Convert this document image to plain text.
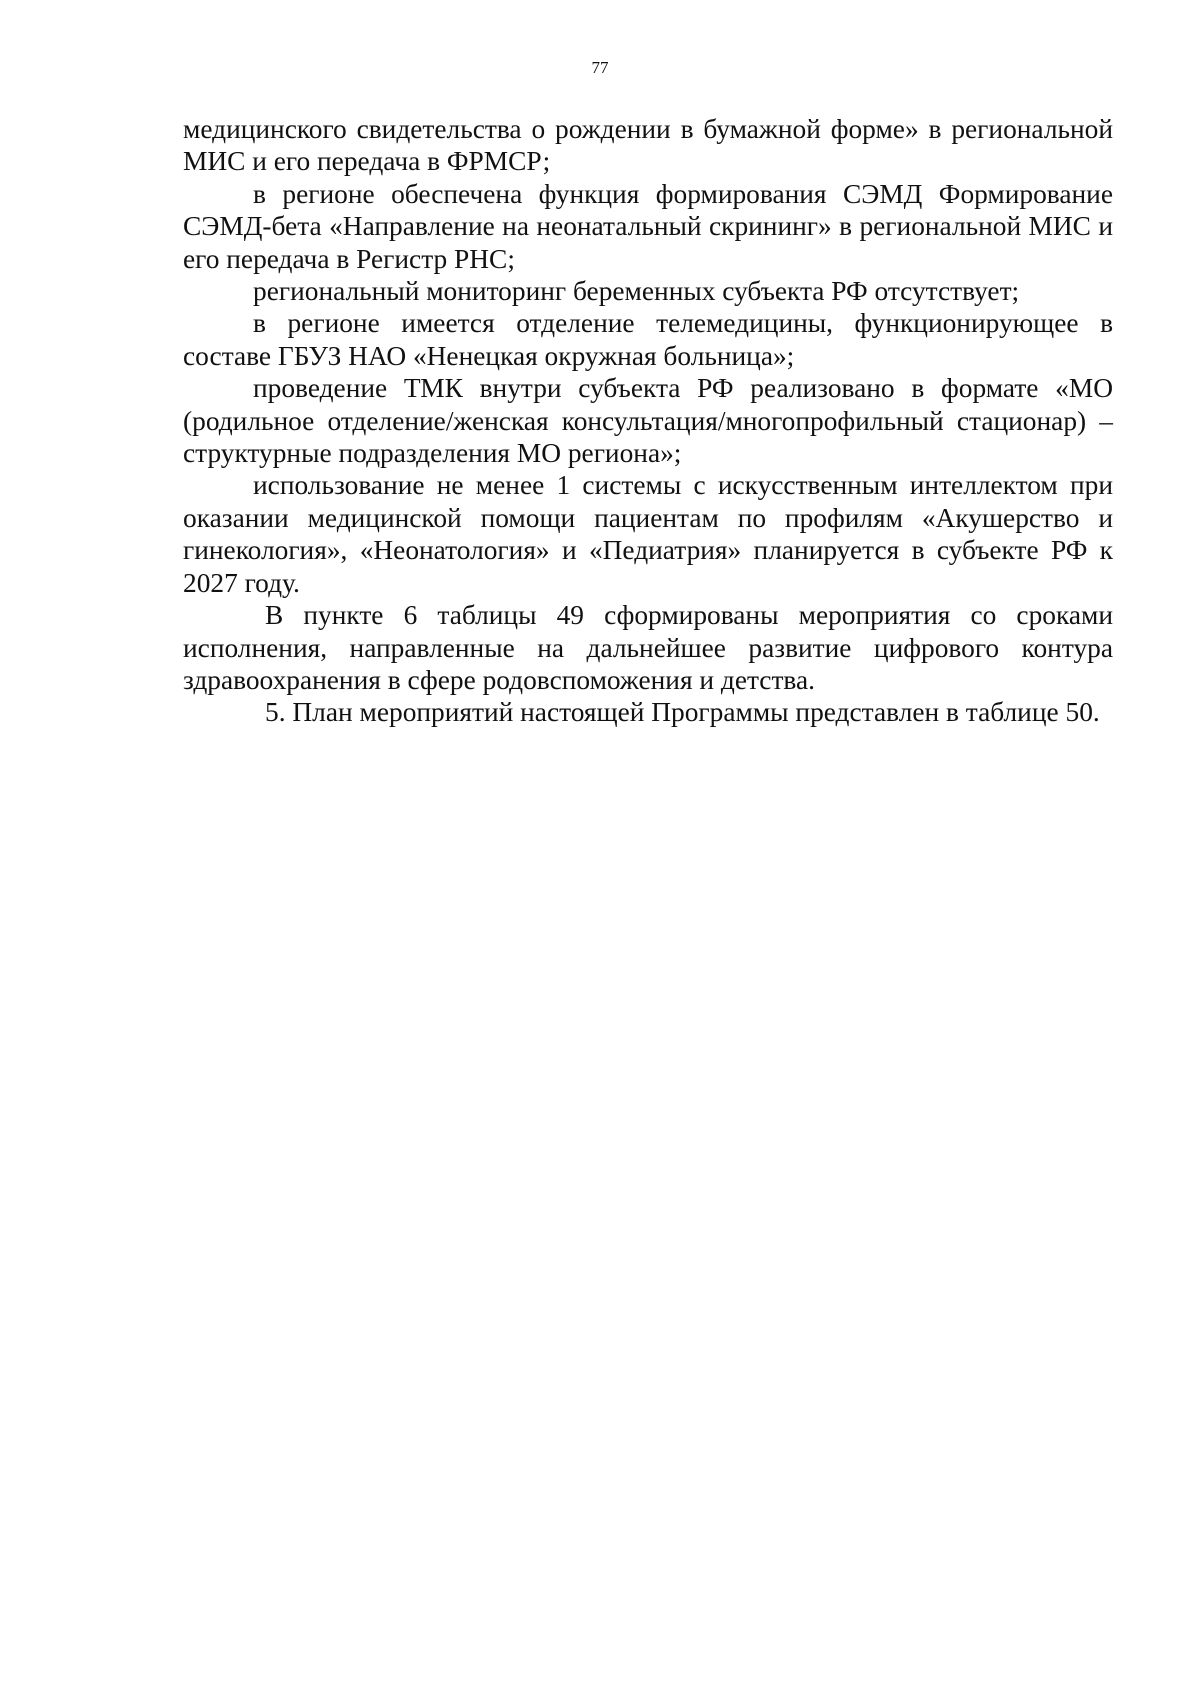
77

медицинского свидетельства о рождении в бумажной форме» в региональной МИС и его передача в ФРМСР;

в регионе обеспечена функция формирования СЭМД Формирование СЭМД-бета «Направление на неонатальный скрининг» в региональной МИС и его передача в Регистр РНС;

региональный мониторинг беременных субъекта РФ отсутствует;

в регионе имеется отделение телемедицины, функционирующее в составе ГБУЗ НАО «Ненецкая окружная больница»;

проведение ТМК внутри субъекта РФ реализовано в формате «МО (родильное отделение/женская консультация/многопрофильный стационар) – структурные подразделения МО региона»;

использование не менее 1 системы с искусственным интеллектом при оказании медицинской помощи пациентам по профилям «Акушерство и гинекология», «Неонатология» и «Педиатрия» планируется в субъекте РФ к 2027 году.

В пункте 6 таблицы 49 сформированы мероприятия со сроками исполнения, направленные на дальнейшее развитие цифрового контура здравоохранения в сфере родовспоможения и детства.

5. План мероприятий настоящей Программы представлен в таблице 50.
